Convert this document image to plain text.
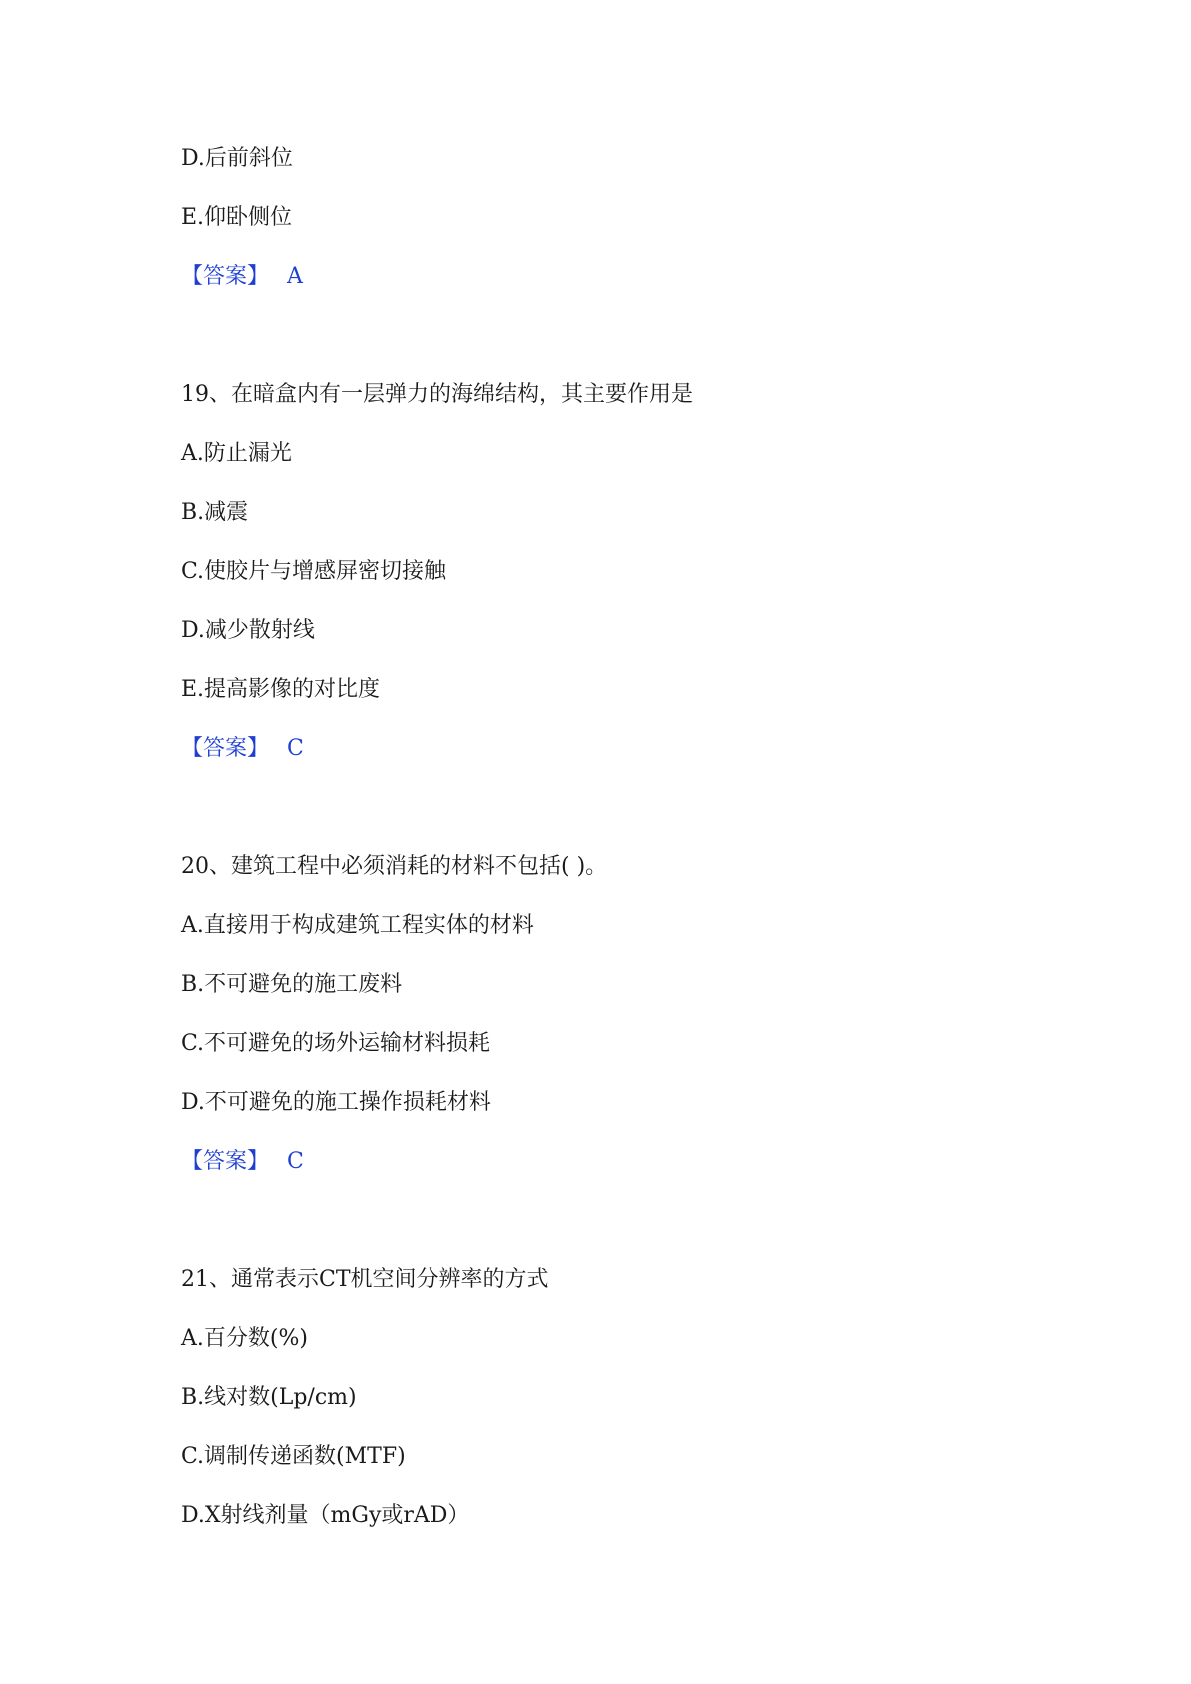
D.后前斜位
E.仰卧侧位
【答案】 A
19、在暗盒内有一层弹力的海绵结构，其主要作用是
A.防止漏光
B.减震
C.使胶片与增感屏密切接触
D.减少散射线
E.提高影像的对比度
【答案】 C
20、建筑工程中必须消耗的材料不包括( )。
A.直接用于构成建筑工程实体的材料
B.不可避免的施工废料
C.不可避免的场外运输材料损耗
D.不可避免的施工操作损耗材料
【答案】 C
21、通常表示CT机空间分辨率的方式
A.百分数(%)
B.线对数(Lp/cm)
C.调制传递函数(MTF)
D.X射线剂量（mGy或rAD）
